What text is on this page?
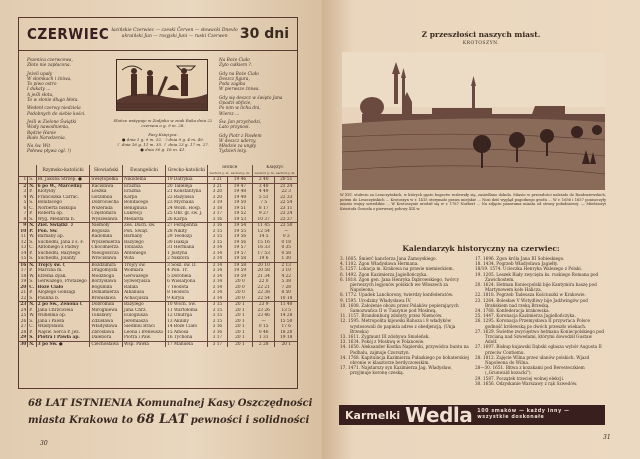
CZERWIEC łacińskie Czerwiec — czeski Červen — słowacki Dnevlo
ukraiński Jun — rosyjski Juni — ruski Czerwen 30 dni

Pszenica czerwcowa,
Złoto nie zapłacona.

Jeżeli upały
W słomkach i żniwa,
To piwo ostro
I dukaty ...
A jeśli słota,
To w słonie długo błota.

Wedenł czerwy niedziela
Podobnych do siebie kości.

Jeśli w Zielone Świątki
Wody nawodnienia,
Będzie Hanie
Biało Narodzenia.

Na św. Wit
Połowa pływa ogl. !)

Słońce wstępuje w Zodjaku w znak Raka dnia 22 czerwca o g. 9 m. 28.
Fazy Księżyca:
● dnia 1 g. 9 m. 52. ☽ dnia 9 g. 4 m. 49.
☾ dnia 16 g. 11 m. 35. ☾ dnia 23 g. 17 m. 27.
● dnia 30 g. 16 m. 41.

Na Boże Ciało
Żyto całkiem ?.

Gdy na Boże Ciało
Deszcz figura,
Poda zagiba
W pierwsze żniwa.

Gdy się deszcz w święto Jana
Opadzi obficie,
Po nim w lichu dni,
Wiersz ...

Św. Jan przychodzi,
Lato przynosi.

Gdy Piotr z Pawłem
W deszcz uderzy,
Młodzie za ungły
Tydzień leży.

		Rzymsko-katolicki	Słowiański	Ewangelicki	Grecko-katolicki	Słońce
wschód g. m. zachód g. m.		Księżyc
wschód g. m. zachód g. m.	
1	S.	Bł. Jakóba Strzep. ●	Świętopełka	Nikodema	19 Dafrykia	3 21	19 46	2 40	20 51
2	N.	6 po W., Marceliny	Racisława	Erazma	20 Talleleja	3 21	19 47	3 40	21 24
3	P.	Klotyldy	Leszka	Erazma	21 Konstantyna	3 20	19 48	4 49	22 3
4	W.	Franciszka Carrac.	Gotzimila	Karpa	22 Bazylissa	3 20	19 49	5 51	22 33
5	Ś.	Bonifacego	Dobrociecha	Bonifacego	23 Mychaila	3 19	19 50	7 5	22 54
6	C.	Norberta biskupa	Wszerada	Benignusa	24 Wozn. Hosp.	3 18	19 51	8 17	23 11
7	P.	Roberta op.	Częstomira	Lukrecji	25 Obr. gł. św. J.	3 17	19 52	9 27	23 24
8	S.	Wyg. Medarda b.	Wyszesława	Medarda	26 Karpa	3 16	19 53	10 37	23 37
9	N.	Ziel. Świątki ☽	Niemoły	Zes. Duch. św.	27 Ferapontia	3 16	19 54	11 45	23 50
10	P.	Pon. Św.	Bogusza	Pon. Świąt.	28 Nikity	3 15	19 55	12 54	—
11	W.	Barnaby ap.	Radomiła	Barnaby	29 Teodozji	3 15	19 56	14 5	0 3
12	Ś.	Suchedni, Jana z s. F.	Wyszemierza	Bazylego	30 Isakija	3 15	19 56	15 16	0 18
13	C.	Antoniego z Padwy	Chocimierza	Tobiasza	31 Hermana	3 14	19 57	16 33	0 35
14	P.	Suchedni, Bazylego	Nieugoszcza	Antoniego	1 Justyna	3 14	19 57	17 53	0 58
15	S.	Suchedni, Jolanty	Wrocisława	Wita	2 Nikifora	3 14	19 58	19 6	1 30
16	N.	Trójcy św. ☾	Bożdzimira	Trójcy św.	3 Sosz. św. D.	3 14	19 58	20 10	2 13
17	P.	Marcina m.	Dragomysła	Wolmara	4 Pon. Tr.	3 14	19 59	20 58	3 10
18	W.	Efrema dyak.	Modźboga	Gerwazego	5 Dorofiela	3 14	19 59	21 34	4 22
19	Ś.	Gerwazego, Protazego	Borzysława	Sylwerjusza	6 Wissarjona	3 14	20 0	22 0	5 38
20	C.	Boże Ciało	Bogumiła	Rafała	7 Teodota	3 14	20 0	22 21	7 28
21	P.	Alojzego Gonzagi	Domamierza	Albanusa	8 Teodora	3 14	20 0	22 38	8 50
22	S.	Paulina b.	Bronisława	Achacjusza	9 Kiryla	3 14	20 0	22 54	10 18
23	N.	2 po Św., Zenona ☾	Dobromiła	Bazylego	10 Wsch. Św.	3 15	20 1	23 9	11 40
24	P.	Jana Chrzciciela	Mirogniewa	Jana Chrz.	11 Wartołoma	3 15	20 1	23 26	13 5
25	W.	Wilhelma op.	Tolisławy	Eulogiusza	12 Onufrija	3 15	20 1	23 46	14 28
26	Ś.	Jana i Pawła	Zdzisława	Jeremiasza	13 Akiliny	3 15	20 1	—	15 50
27	C.	Władysława	Władysława	Siedmiu Braci	14 Boże Ciało	3 16	20 1	0 15	17 6
28	P.	Najśw. Serca P. Jez.	Zbrosława	Leona i Ireneusza	15 Amosa	3 16	20 1	0 46	18 20
29	S.	Piotra i Pawła ap.	Dalebora	Piotra i Paw.	16 Tychona	3 17	20 1	1 31	19 18
30	N.	3 po Św. ●	Ciechosława	Wsp. Pawła	17 Manuela	3 17	20 1	2 28	20 1
68 LAT ISTNIENIA Komunalnej Kasy Oszczędności
miasta Krakowa to 68 LAT pewności i solidności
30
Z przeszłości naszych miast.
KROTOSZYN.
W XVI. stuleciu za Leszczyńskich, w których gęsto bogactw rozlewały się, zasiedlano dokoła. Miasto w przeszłości należało do Rozdrażewskich, potem do Leszczyńskich ... Krotoszyn w r. 1415 otrzymało prawa miejskie ... Nosi dziś wygląd pogodnego grodu ... W r. 1656 i 1657 poniszczyły miasto wojny szwedzkie ... W Krotoszynie urodził się w r. 1787 Norbert ... Na zdjęciu panorama miasta od strony południowej. — Miedzioryt Krisztofa Grouela z pierwszej połowy XIX w.
Kalendarzyk historyczny na czerwiec:
3. 1605. Śmierć kanclerza Jana Zamoyskiego.
4. 1102. Zgon Władysława Hermana.
5. 1257. Lokacja m. Krakowa na prawie niemieckiem.
6. 1492. Zgon Kazimierza Jagiellończyka.
6. 1818. Zgon gen. Jana Henryka Dąbrowskiego, twórcy pierwszych legjonów polskich we Włoszech za Napoleona.
8. 1772. Upadek Lanckorony, twierdzy konfederatów.
9. 1595. Urodziny Władysława IV.
10. 1608. Założenie obozu przez Polaków popierających Samozwańca II w Tuszynie pod Moskwą.
11. 1157. Brandenburg zdobyty przez Niemców.
12. 1595. Metropolita kijowski Rahoza i 8 władyków wystosowali do papieża adres z obedjencją. (Unja Brzeska)
13. 1611. Zygmunt III zdobywa Smoleńsk.
13. 1634. Pokój z Moskwą w Polanowie.
14. 1650. Aleksander Kostka Napierski, przywódca buntu na Podhalu, zajmuje Czorsztyn.
14. 1768. Kapitulacja Kazimierza Pułaskiego po bohaterskiej obronie w klasztorze berdyczowskim.
17. 1471. Najstarszy syn Kazimierza Jag. Władysław, przyjmuje koronę czeską.
17. 1696. Zgon króla Jana III Sobieskiego.
18. 1434. Pogrzeb Władysława Jagiełły.
18/19. 1574. Ucieczka Henryka Walezego z Polski.
19. 1205. Leszek Biały zwycięża ks. ruskiego Romana pod Zawichostem.
20. 1624. Hetman Koniecpolski bije Kantymira baszę pod Martynowem koło Halicza.
22. 1818. Pogrzeb Tadeusza Kościuszki w Krakowie.
23. 1264. Bolesław V Wstydliwy bije Jadźwingów pod Brańskiem nad rzeką Brzeską.
24. 1768. Konfederacja krakowska.
25. 1447. Koronacja Kazimierza Jagiellończyka.
26. 1295. Koronacja Przemysława II przywraca Polsce godność królewską po dwóch przeszło wiekach.
27. 1629. Świetne zwycięstwo hetmana Koniecpolskiego pod Trzcianą nad Szwedami, którymi dowodził Gustaw Adolf.
27. 1697. Biskup kujawski Dąbski ogłasza wybór Augusta II przeciw Contiemu.
28. 1812. Zajęcie Wilna przez ułanów polskich. Wjazd Napoleona do Wilna.
28—30. 1651. Bitwa z kozakami pod Beresteczkiem („Grunwald kozacki").
29. 1587. Początek trzeciej wolnej elekcji.
30. 1656. Odzyskanie Warszawy z rąk Szwedów.
Karmelki Wedla 100 smaków — każdy inny —
wszystkie doskonałe
31
